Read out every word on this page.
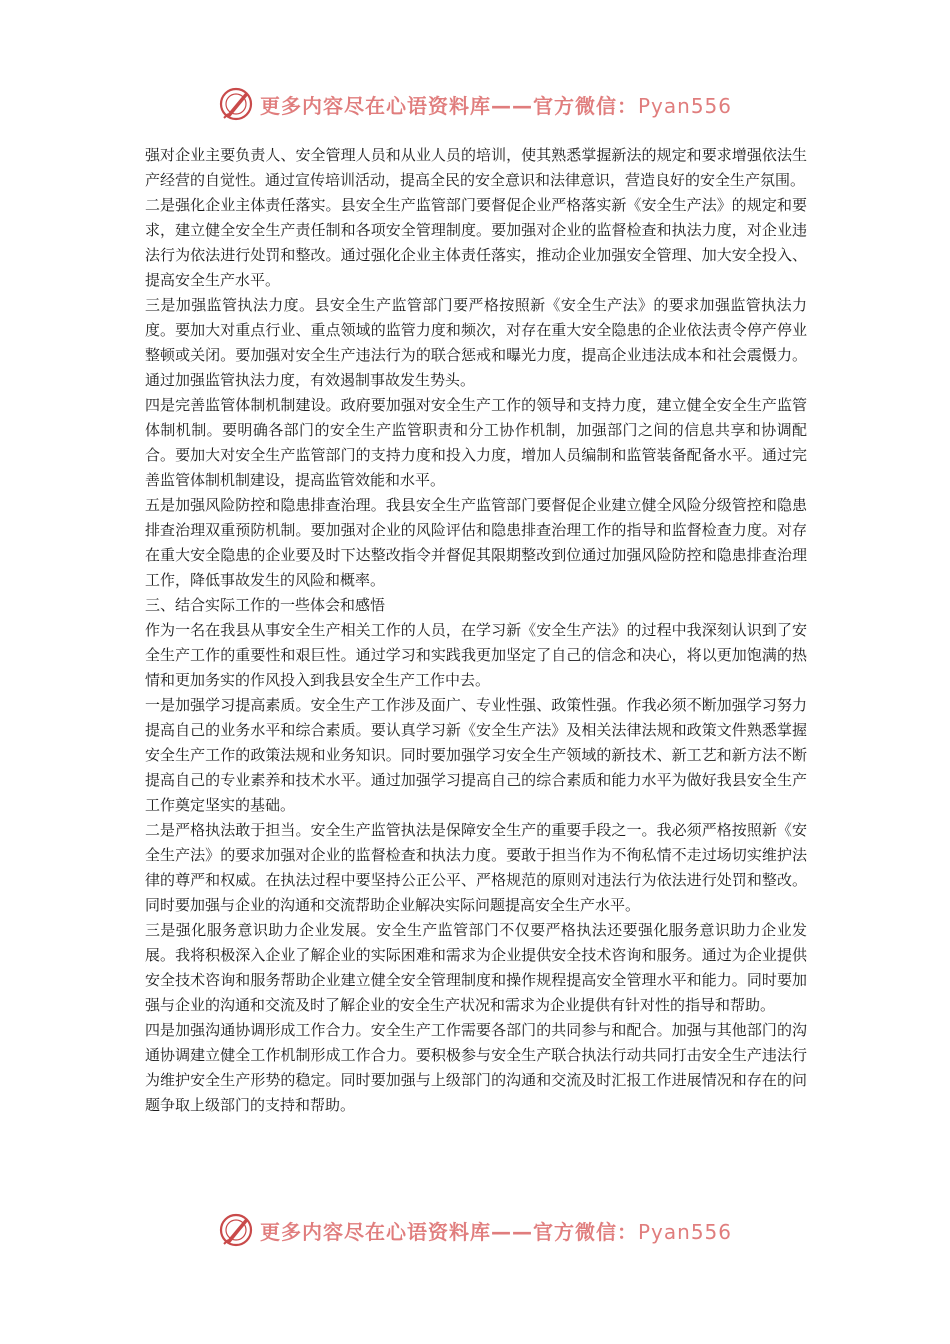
更多内容尽在心语资料库——官方微信：Pyan556

强对企业主要负责人、安全管理人员和从业人员的培训，使其熟悉掌握新法的规定和要求增强依法生产经营的自觉性。通过宣传培训活动，提高全民的安全意识和法律意识，营造良好的安全生产氛围。

二是强化企业主体责任落实。县安全生产监管部门要督促企业严格落实新《安全生产法》的规定和要求，建立健全安全生产责任制和各项安全管理制度。要加强对企业的监督检查和执法力度，对企业违法行为依法进行处罚和整改。通过强化企业主体责任落实，推动企业加强安全管理、加大安全投入、提高安全生产水平。

三是加强监管执法力度。县安全生产监管部门要严格按照新《安全生产法》的要求加强监管执法力度。要加大对重点行业、重点领域的监管力度和频次，对存在重大安全隐患的企业依法责令停产停业整顿或关闭。要加强对安全生产违法行为的联合惩戒和曝光力度，提高企业违法成本和社会震慑力。通过加强监管执法力度，有效遏制事故发生势头。

四是完善监管体制机制建设。政府要加强对安全生产工作的领导和支持力度，建立健全安全生产监管体制机制。要明确各部门的安全生产监管职责和分工协作机制，加强部门之间的信息共享和协调配合。要加大对安全生产监管部门的支持力度和投入力度，增加人员编制和监管装备配备水平。通过完善监管体制机制建设，提高监管效能和水平。

五是加强风险防控和隐患排查治理。我县安全生产监管部门要督促企业建立健全风险分级管控和隐患排查治理双重预防机制。要加强对企业的风险评估和隐患排查治理工作的指导和监督检查力度。对存在重大安全隐患的企业要及时下达整改指令并督促其限期整改到位通过加强风险防控和隐患排查治理工作，降低事故发生的风险和概率。

三、结合实际工作的一些体会和感悟

作为一名在我县从事安全生产相关工作的人员，在学习新《安全生产法》的过程中我深刻认识到了安全生产工作的重要性和艰巨性。通过学习和实践我更加坚定了自己的信念和决心，将以更加饱满的热情和更加务实的作风投入到我县安全生产工作中去。

一是加强学习提高素质。安全生产工作涉及面广、专业性强、政策性强。作我必须不断加强学习努力提高自己的业务水平和综合素质。要认真学习新《安全生产法》及相关法律法规和政策文件熟悉掌握安全生产工作的政策法规和业务知识。同时要加强学习安全生产领域的新技术、新工艺和新方法不断提高自己的专业素养和技术水平。通过加强学习提高自己的综合素质和能力水平为做好我县安全生产工作奠定坚实的基础。

二是严格执法敢于担当。安全生产监管执法是保障安全生产的重要手段之一。我必须严格按照新《安全生产法》的要求加强对企业的监督检查和执法力度。要敢于担当作为不徇私情不走过场切实维护法律的尊严和权威。在执法过程中要坚持公正公平、严格规范的原则对违法行为依法进行处罚和整改。同时要加强与企业的沟通和交流帮助企业解决实际问题提高安全生产水平。

三是强化服务意识助力企业发展。安全生产监管部门不仅要严格执法还要强化服务意识助力企业发展。我将积极深入企业了解企业的实际困难和需求为企业提供安全技术咨询和服务。通过为企业提供安全技术咨询和服务帮助企业建立健全安全管理制度和操作规程提高安全管理水平和能力。同时要加强与企业的沟通和交流及时了解企业的安全生产状况和需求为企业提供有针对性的指导和帮助。

四是加强沟通协调形成工作合力。安全生产工作需要各部门的共同参与和配合。加强与其他部门的沟通协调建立健全工作机制形成工作合力。要积极参与安全生产联合执法行动共同打击安全生产违法行为维护安全生产形势的稳定。同时要加强与上级部门的沟通和交流及时汇报工作进展情况和存在的问题争取上级部门的支持和帮助。

更多内容尽在心语资料库——官方微信：Pyan556
